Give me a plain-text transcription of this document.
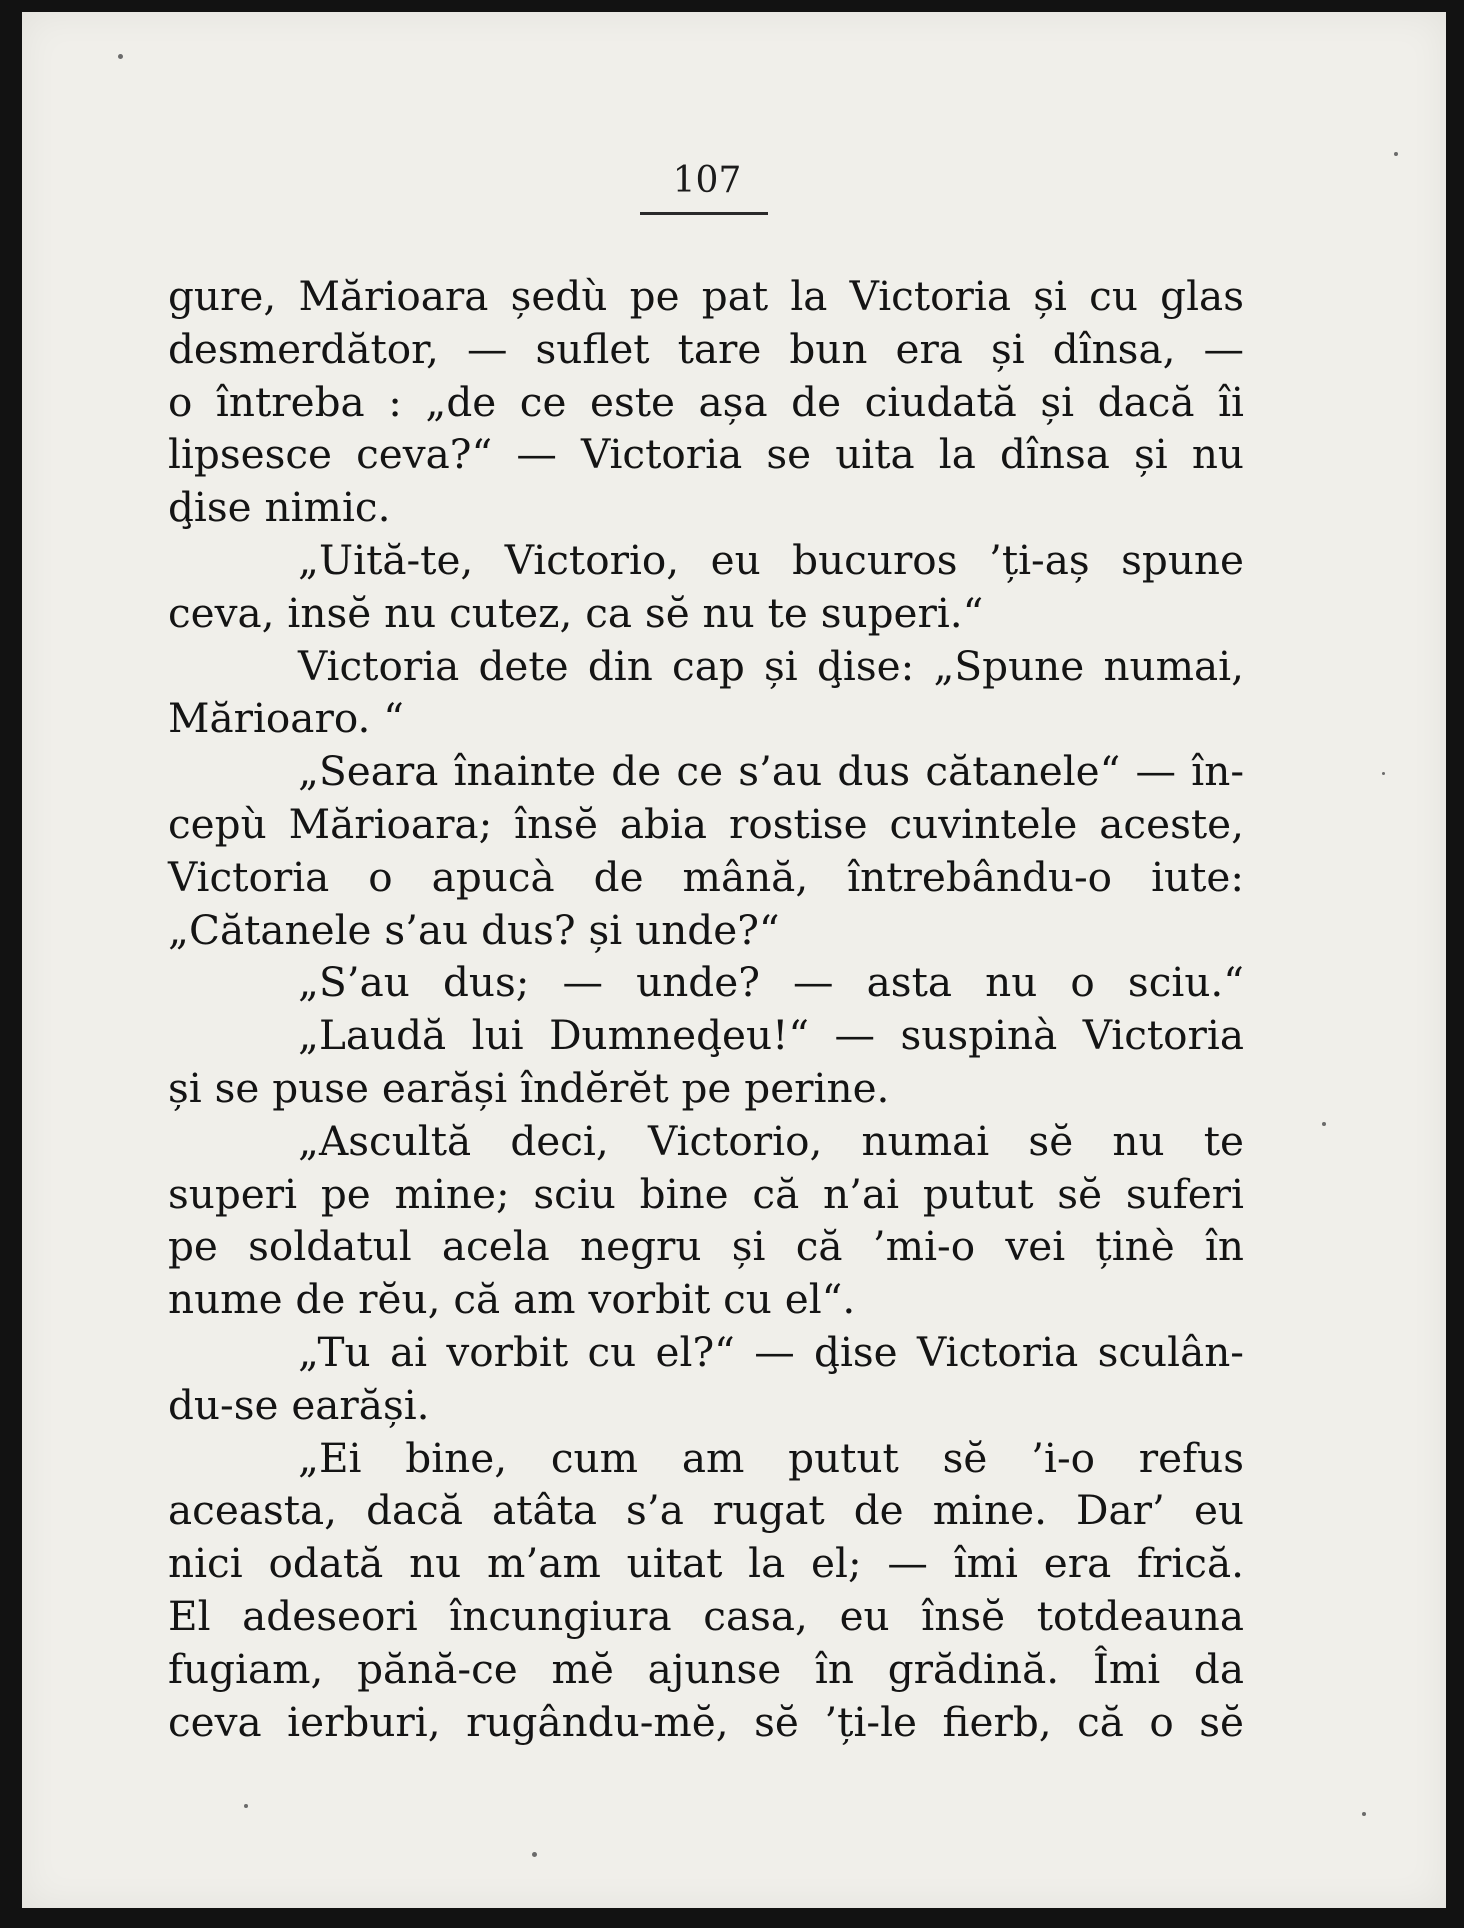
107
gure, Mărioara ședù pe pat la Victoria și cu glas
desmerdător, — suflet tare bun era și dînsa, —
o întreba : „de ce este așa de ciudată și dacă îi
lipsesce ceva?“ — Victoria se uita la dînsa și nu
ḑise nimic.
„Uită-te, Victorio, eu bucuros ’ți-aș spune
ceva, insĕ nu cutez, ca sĕ nu te superi.“
Victoria dete din cap și ḑise: „Spune numai,
Mărioaro. “
„Seara înainte de ce s’au dus cătanele“ — în-
cepù Mărioara; însĕ abia rostise cuvintele aceste,
Victoria o apucà de mână, întrebându-o iute:
„Cătanele s’au dus? și unde?“
„S’au dus; — unde? — asta nu o sciu.“
„Laudă lui Dumneḑeu!“ — suspinà Victoria
și se puse earăși îndĕrĕt pe perine.
„Ascultă deci, Victorio, numai sĕ nu te
superi pe mine; sciu bine că n’ai putut sĕ suferi
pe soldatul acela negru și că ’mi-o vei ținè în
nume de rĕu, că am vorbit cu el“.
„Tu ai vorbit cu el?“ — ḑise Victoria sculân-
du-se earăși.
„Ei bine, cum am putut sĕ ’i-o refus
aceasta, dacă atâta s’a rugat de mine. Dar’ eu
nici odată nu m’am uitat la el; — îmi era frică.
El adeseori încungiura casa, eu însĕ totdeauna
fugiam, pănă-ce mĕ ajunse în grădină. Îmi da
ceva ierburi, rugându-mĕ, sĕ ’ți-le fierb, că o sĕ
